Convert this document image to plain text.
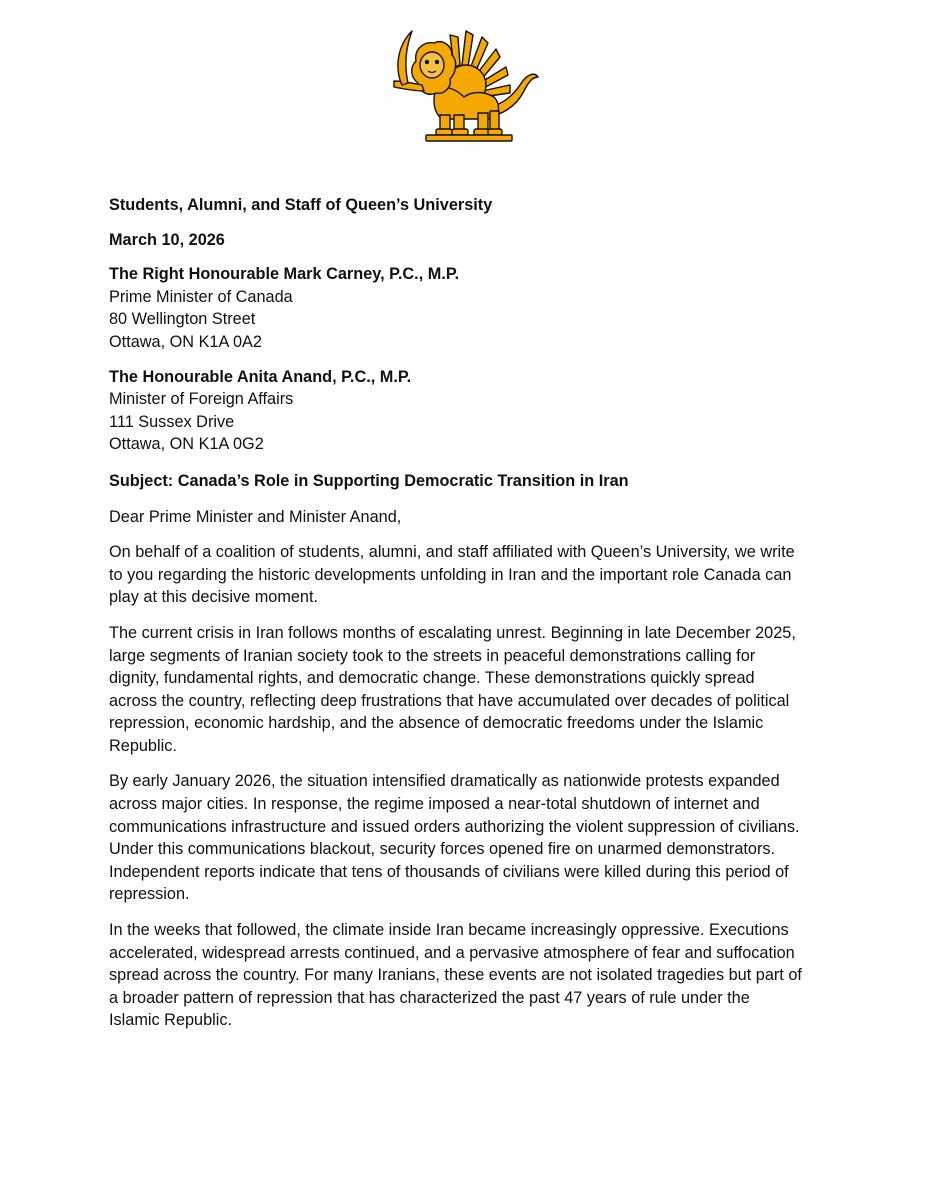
Students, Alumni, and Staff of Queen’s University

March 10, 2026

The Right Honourable Mark Carney, P.C., M.P.

Prime Minister of Canada

80 Wellington Street

Ottawa, ON K1A 0A2

The Honourable Anita Anand, P.C., M.P.

Minister of Foreign Affairs

111 Sussex Drive

Ottawa, ON K1A 0G2

Subject: Canada’s Role in Supporting Democratic Transition in Iran

Dear Prime Minister and Minister Anand,

On behalf of a coalition of students, alumni, and staff affiliated with Queen’s University, we write

to you regarding the historic developments unfolding in Iran and the important role Canada can

play at this decisive moment.

The current crisis in Iran follows months of escalating unrest. Beginning in late December 2025,

large segments of Iranian society took to the streets in peaceful demonstrations calling for

dignity, fundamental rights, and democratic change. These demonstrations quickly spread

across the country, reflecting deep frustrations that have accumulated over decades of political

repression, economic hardship, and the absence of democratic freedoms under the Islamic

Republic.

By early January 2026, the situation intensified dramatically as nationwide protests expanded

across major cities. In response, the regime imposed a near-total shutdown of internet and

communications infrastructure and issued orders authorizing the violent suppression of civilians.

Under this communications blackout, security forces opened fire on unarmed demonstrators.

Independent reports indicate that tens of thousands of civilians were killed during this period of

repression.

In the weeks that followed, the climate inside Iran became increasingly oppressive. Executions

accelerated, widespread arrests continued, and a pervasive atmosphere of fear and suffocation

spread across the country. For many Iranians, these events are not isolated tragedies but part of

a broader pattern of repression that has characterized the past 47 years of rule under the

Islamic Republic.
